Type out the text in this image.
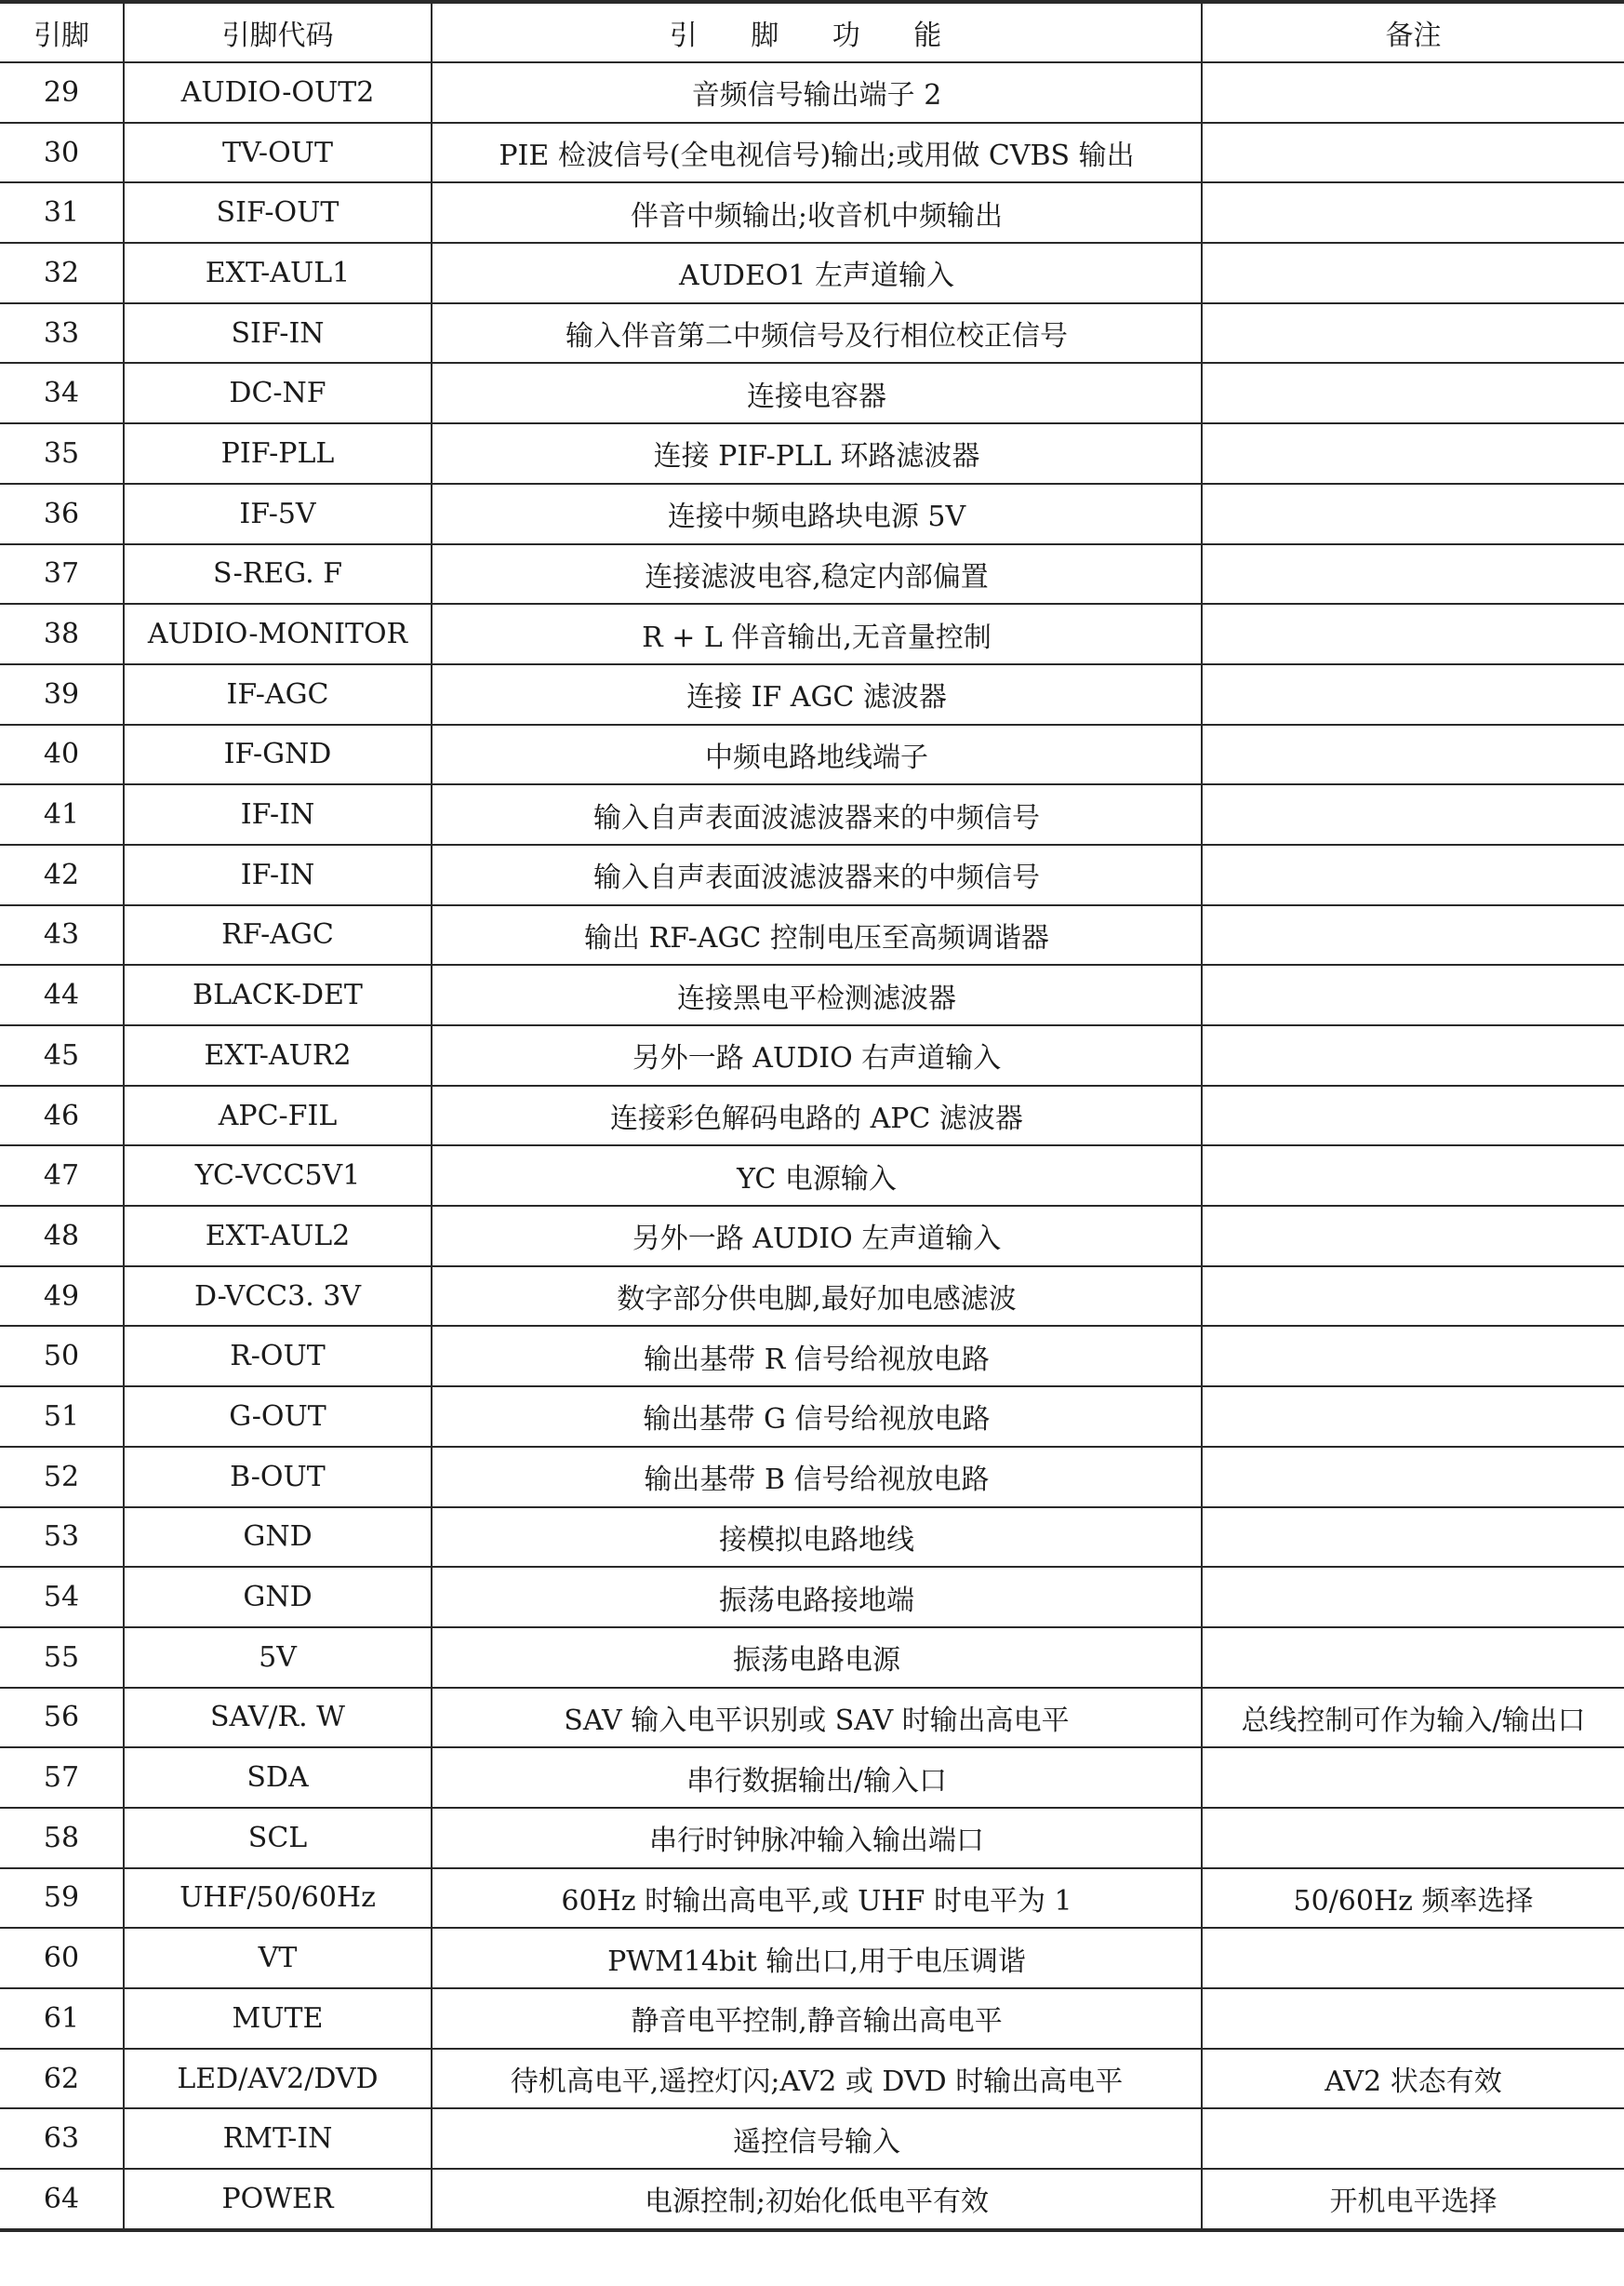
引脚	引脚代码	引 脚 功 能	备注
29	AUDIO-OUT2	音频信号输出端子 2	
30	TV-OUT	PIE 检波信号(全电视信号)输出;或用做 CVBS 输出	
31	SIF-OUT	伴音中频输出;收音机中频输出	
32	EXT-AUL1	AUDEO1 左声道输入	
33	SIF-IN	输入伴音第二中频信号及行相位校正信号	
34	DC-NF	连接电容器	
35	PIF-PLL	连接 PIF-PLL 环路滤波器	
36	IF-5V	连接中频电路块电源 5V	
37	S-REG. F	连接滤波电容,稳定内部偏置	
38	AUDIO-MONITOR	R + L 伴音输出,无音量控制	
39	IF-AGC	连接 IF AGC 滤波器	
40	IF-GND	中频电路地线端子	
41	IF-IN	输入自声表面波滤波器来的中频信号	
42	IF-IN	输入自声表面波滤波器来的中频信号	
43	RF-AGC	输出 RF-AGC 控制电压至高频调谐器	
44	BLACK-DET	连接黑电平检测滤波器	
45	EXT-AUR2	另外一路 AUDIO 右声道输入	
46	APC-FIL	连接彩色解码电路的 APC 滤波器	
47	YC-VCC5V1	YC 电源输入	
48	EXT-AUL2	另外一路 AUDIO 左声道输入	
49	D-VCC3. 3V	数字部分供电脚,最好加电感滤波	
50	R-OUT	输出基带 R 信号给视放电路	
51	G-OUT	输出基带 G 信号给视放电路	
52	B-OUT	输出基带 B 信号给视放电路	
53	GND	接模拟电路地线	
54	GND	振荡电路接地端	
55	5V	振荡电路电源	
56	SAV/R. W	SAV 输入电平识别或 SAV 时输出高电平	总线控制可作为输入/输出口
57	SDA	串行数据输出/输入口	
58	SCL	串行时钟脉冲输入输出端口	
59	UHF/50/60Hz	60Hz 时输出高电平,或 UHF 时电平为 1	50/60Hz 频率选择
60	VT	PWM14bit 输出口,用于电压调谐	
61	MUTE	静音电平控制,静音输出高电平	
62	LED/AV2/DVD	待机高电平,遥控灯闪;AV2 或 DVD 时输出高电平	AV2 状态有效
63	RMT-IN	遥控信号输入	
64	POWER	电源控制;初始化低电平有效	开机电平选择
